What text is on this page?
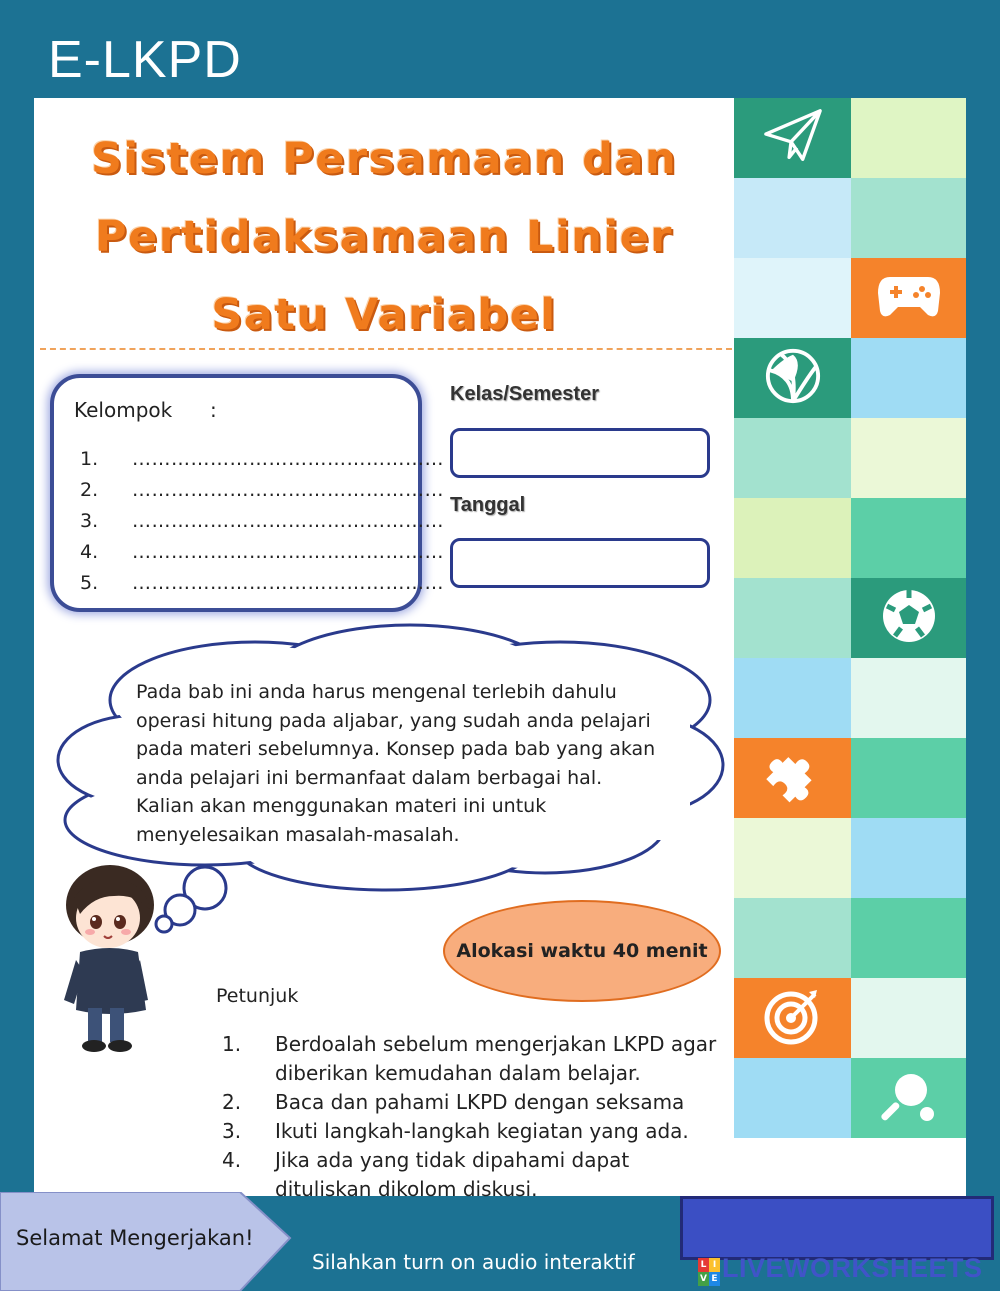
E-LKPD
Sistem Persamaan dan
Pertidaksamaan Linier
Satu Variabel
Kelompok :
1.	…………………………………………
2.	…………………………………………
3.	…………………………………………
4.	…………………………………………
5.	…………………………………………
Kelas/Semester
Tanggal
Pada bab ini anda harus mengenal terlebih dahulu
operasi hitung pada aljabar, yang sudah anda pelajari
pada materi sebelumnya. Konsep pada bab yang akan
anda pelajari ini bermanfaat dalam berbagai hal.
Kalian akan menggunakan materi ini untuk
menyelesaikan masalah-masalah.
Alokasi waktu 40 menit
Petunjuk
1.	Berdoalah sebelum mengerjakan LKPD agar diberikan kemudahan dalam belajar.
2.	Baca dan pahami LKPD dengan seksama
3.	Ikuti langkah-langkah kegiatan yang ada.
4.	Jika ada yang tidak dipahami dapat dituliskan dikolom diskusi.
Selamat Mengerjakan!
Silahkan turn on audio interaktif	L I
V E LIVEWORKSHEETS
